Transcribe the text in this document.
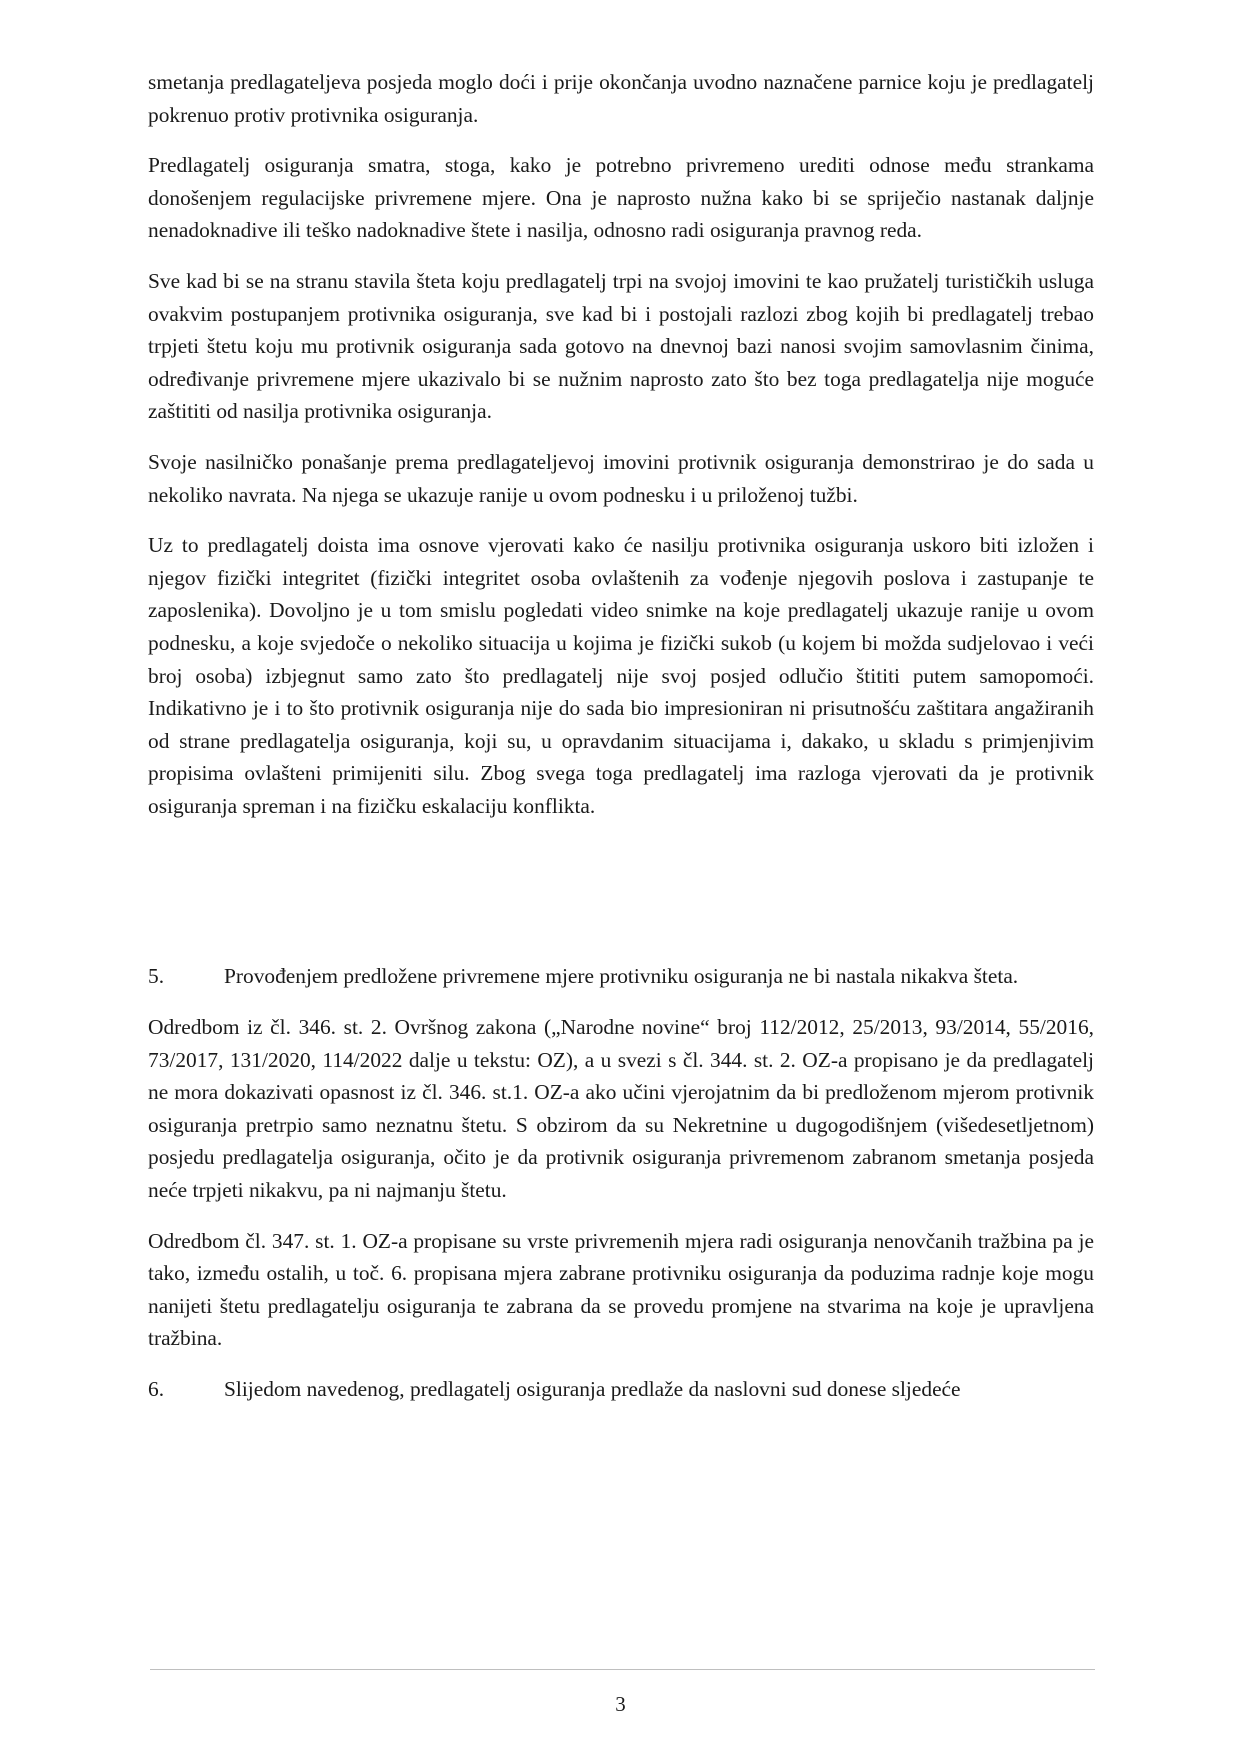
smetanja predlagateljeva posjeda moglo doći i prije okončanja uvodno naznačene parnice koju je predlagatelj pokrenuo protiv protivnika osiguranja.

Predlagatelj osiguranja smatra, stoga, kako je potrebno privremeno urediti odnose među strankama donošenjem regulacijske privremene mjere. Ona je naprosto nužna kako bi se spriječio nastanak daljnje nenadoknadive ili teško nadoknadive štete i nasilja, odnosno radi osiguranja pravnog reda.

Sve kad bi se na stranu stavila šteta koju predlagatelj trpi na svojoj imovini te kao pružatelj turističkih usluga ovakvim postupanjem protivnika osiguranja, sve kad bi i postojali razlozi zbog kojih bi predlagatelj trebao trpjeti štetu koju mu protivnik osiguranja sada gotovo na dnevnoj bazi nanosi svojim samovlasnim činima, određivanje privremene mjere ukazivalo bi se nužnim naprosto zato što bez toga predlagatelja nije moguće zaštititi od nasilja protivnika osiguranja.

Svoje nasilničko ponašanje prema predlagateljevoj imovini protivnik osiguranja demonstrirao je do sada u nekoliko navrata. Na njega se ukazuje ranije u ovom podnesku i u priloženoj tužbi.

Uz to predlagatelj doista ima osnove vjerovati kako će nasilju protivnika osiguranja uskoro biti izložen i njegov fizički integritet (fizički integritet osoba ovlaštenih za vođenje njegovih poslova i zastupanje te zaposlenika). Dovoljno je u tom smislu pogledati video snimke na koje predlagatelj ukazuje ranije u ovom podnesku, a koje svjedoče o nekoliko situacija u kojima je fizički sukob (u kojem bi možda sudjelovao i veći broj osoba) izbjegnut samo zato što predlagatelj nije svoj posjed odlučio štititi putem samopomoći. Indikativno je i to što protivnik osiguranja nije do sada bio impresioniran ni prisutnošću zaštitara angažiranih od strane predlagatelja osiguranja, koji su, u opravdanim situacijama i, dakako, u skladu s primjenjivim propisima ovlašteni primijeniti silu. Zbog svega toga predlagatelj ima razloga vjerovati da je protivnik osiguranja spreman i na fizičku eskalaciju konflikta.

5.	Provođenjem predložene privremene mjere protivniku osiguranja ne bi nastala nikakva šteta.

Odredbom iz čl. 346. st. 2. Ovršnog zakona („Narodne novine“ broj 112/2012, 25/2013, 93/2014, 55/2016, 73/2017, 131/2020, 114/2022 dalje u tekstu: OZ), a u svezi s čl. 344. st. 2. OZ-a propisano je da predlagatelj ne mora dokazivati opasnost iz čl. 346. st.1. OZ-a ako učini vjerojatnim da bi predloženom mjerom protivnik osiguranja pretrpio samo neznatnu štetu. S obzirom da su Nekretnine u dugogodišnjem (višedesetljetnom) posjedu predlagatelja osiguranja, očito je da protivnik osiguranja privremenom zabranom smetanja posjeda neće trpjeti nikakvu, pa ni najmanju štetu.

Odredbom čl. 347. st. 1. OZ-a propisane su vrste privremenih mjera radi osiguranja nenovčanih tražbina pa je tako, između ostalih, u toč. 6. propisana mjera zabrane protivniku osiguranja da poduzima radnje koje mogu nanijeti štetu predlagatelju osiguranja te zabrana da se provedu promjene na stvarima na koje je upravljena tražbina.

6.	Slijedom navedenog, predlagatelj osiguranja predlaže da naslovni sud donese sljedeće

3
